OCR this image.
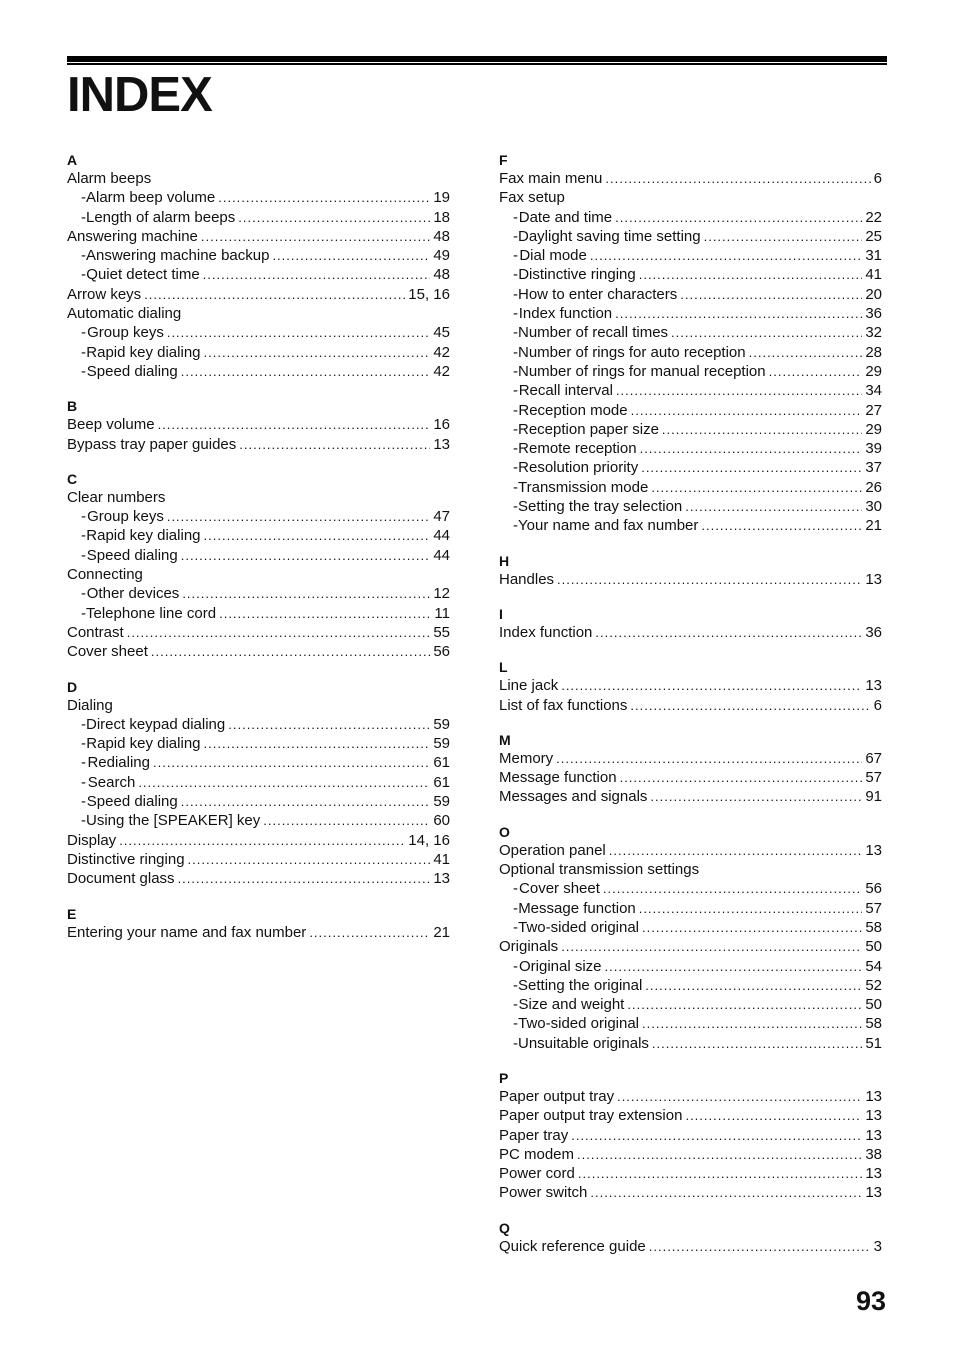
INDEX
A
Alarm beeps
- Alarm beep volume .....	19
- Length of alarm beeps .....	18
Answering machine .....	48
- Answering machine backup .....	49
- Quiet detect time .....	48
Arrow keys .....	15, 16
Automatic dialing
- Group keys .....	45
- Rapid key dialing .....	42
- Speed dialing .....	42
B
Beep volume .....	16
Bypass tray paper guides .....	13
C
Clear numbers
- Group keys .....	47
- Rapid key dialing .....	44
- Speed dialing .....	44
Connecting
- Other devices .....	12
- Telephone line cord .....	11
Contrast .....	55
Cover sheet .....	56
D
Dialing
- Direct keypad dialing .....	59
- Rapid key dialing .....	59
- Redialing .....	61
- Search .....	61
- Speed dialing .....	59
- Using the [SPEAKER] key .....	60
Display .....	14, 16
Distinctive ringing .....	41
Document glass .....	13
E
Entering your name and fax number .....	21
F
Fax main menu .....	6
Fax setup
- Date and time .....	22
- Daylight saving time setting .....	25
- Dial mode .....	31
- Distinctive ringing .....	41
- How to enter characters .....	20
- Index function .....	36
- Number of recall times .....	32
- Number of rings for auto reception .....	28
- Number of rings for manual reception .....	29
- Recall interval .....	34
- Reception mode .....	27
- Reception paper size .....	29
- Remote reception .....	39
- Resolution priority .....	37
- Transmission mode .....	26
- Setting the tray selection .....	30
- Your name and fax number .....	21
H
Handles .....	13
I
Index function .....	36
L
Line jack .....	13
List of fax functions .....	6
M
Memory .....	67
Message function .....	57
Messages and signals .....	91
O
Operation panel .....	13
Optional transmission settings
- Cover sheet .....	56
- Message function .....	57
- Two-sided original .....	58
Originals .....	50
- Original size .....	54
- Setting the original .....	52
- Size and weight .....	50
- Two-sided original .....	58
- Unsuitable originals .....	51
P
Paper output tray .....	13
Paper output tray extension .....	13
Paper tray .....	13
PC modem .....	38
Power cord .....	13
Power switch .....	13
Q
Quick reference guide .....	3
93
